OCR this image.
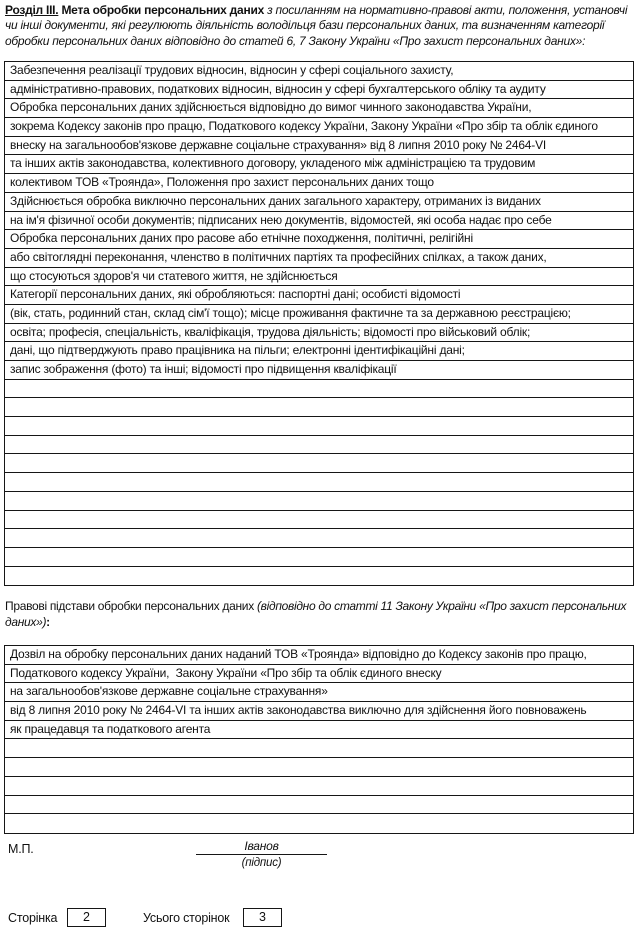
Розділ ІІІ. Мета обробки персональних даних з посиланням на нормативно-правові акти, положення, установчі чи інші документи, які регулюють діяльність володільця бази персональних даних, та визначенням категорії обробки персональних даних відповідно до статей 6, 7 Закону України «Про захист персональних даних»:
Забезпечення реалізації трудових відносин, відносин у сфері соціального захисту,
адміністративно-правових, податкових відносин, відносин у сфері бухгалтерського обліку та аудиту
Обробка персональних даних здійснюється відповідно до вимог чинного законодавства України,
зокрема Кодексу законів про працю, Податкового кодексу України, Закону України «Про збір та облік єдиного
внеску на загальнообов'язкове державне соціальне страхування» від 8 липня 2010 року № 2464-VI
та інших актів законодавства, колективного договору, укладеного між адміністрацією та трудовим
колективом ТОВ «Троянда», Положення про захист персональних даних тощо
Здійснюється обробка виключно персональних даних загального характеру, отриманих із виданих
на ім'я фізичної особи документів; підписаних нею документів, відомостей, які особа надає про себе
Обробка персональних даних про расове або етнічне походження, політичні, релігійні
або світоглядні переконання, членство в політичних партіях та професійних спілках, а також даних,
що стосуються здоров'я чи статевого життя, не здійснюється
Категорії персональних даних, які обробляються: паспортні дані; особисті відомості
(вік, стать, родинний стан, склад сім'ї тощо); місце проживання фактичне та за державною реєстрацією;
освіта; професія, спеціальність, кваліфікація, трудова діяльність; відомості про військовий облік;
дані, що підтверджують право працівника на пільги; електронні ідентифікаційні дані;
запис зображення (фото) та інші; відомості про підвищення кваліфікації
Правові підстави обробки персональних даних (відповідно до статті 11 Закону України «Про захист персональних даних»):
Дозвіл на обробку персональних даних наданий ТОВ «Троянда» відповідно до Кодексу законів про працю,
Податкового кодексу України,  Закону України «Про збір та облік єдиного внеску
на загальнообов'язкове державне соціальне страхування»
від 8 липня 2010 року № 2464-VI та інших актів законодавства виключно для здійснення його повноважень
як працедавця та податкового агента
М.П.	Іванов
(підпис)
Сторінка	2	Усього сторінок	3
